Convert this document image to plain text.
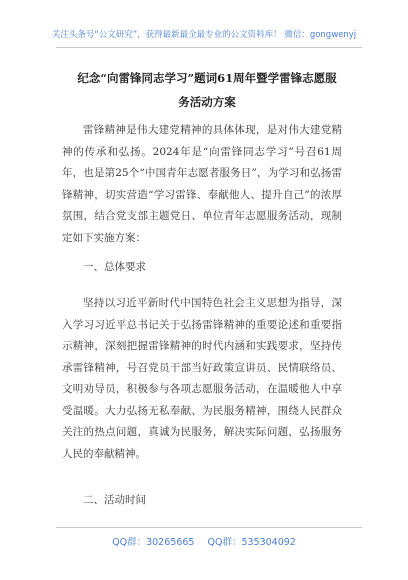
关注头条号“公文研究”，获得最新最全最专业的公文资料库！ 微信：gongwenyj
纪念“向雷锋同志学习”题词61周年暨学雷锋志愿服务活动方案
雷锋精神是伟大建党精神的具体体现，是对伟大建党精神的传承和弘扬。2024年是“向雷锋同志学习”号召61周年，也是第25个“中国青年志愿者服务日”，为学习和弘扬雷锋精神，切实营造“学习雷锋、奉献他人、提升自己”的浓厚氛围，结合党支部主题党日、单位青年志愿服务活动，现制定如下实施方案：
一、总体要求
坚持以习近平新时代中国特色社会主义思想为指导，深入学习习近平总书记关于弘扬雷锋精神的重要论述和重要指示精神，深刻把握雷锋精神的时代内涵和实践要求，坚持传承雷锋精神，号召党员干部当好政策宣讲员、民情联络员、文明劝导员，积极参与各项志愿服务活动，在温暖他人中享受温暖。大力弘扬无私奉献、为民服务精神，围绕人民群众关注的热点问题，真诚为民服务，解决实际问题，弘扬服务人民的奉献精神。
二、活动时间
QQ群：30265665 QQ群：535304092
